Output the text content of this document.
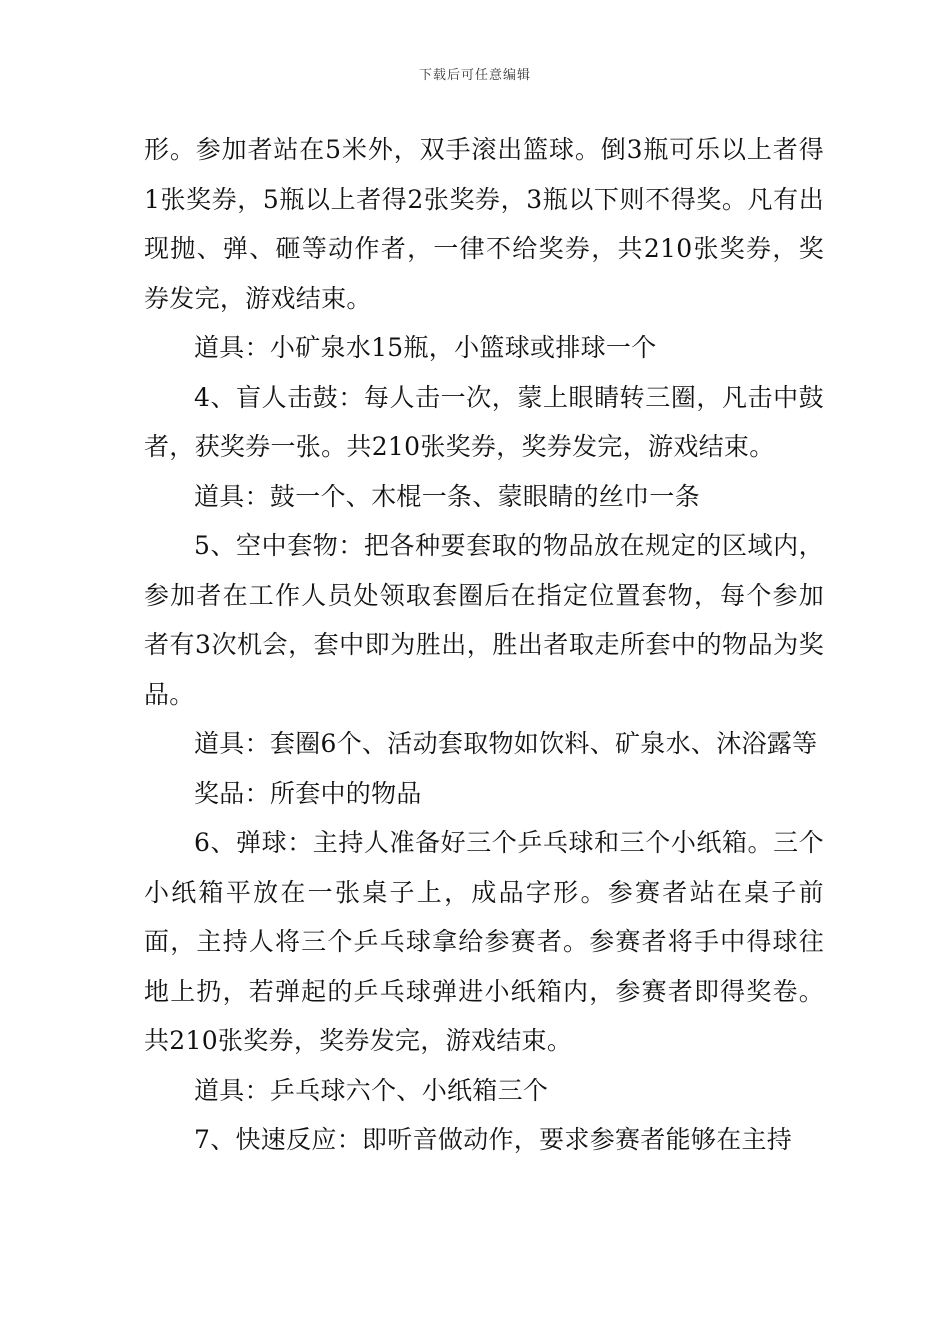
下载后可任意编辑

形。参加者站在5米外，双手滚出篮球。倒3瓶可乐以上者得1张奖券，5瓶以上者得2张奖券，3瓶以下则不得奖。凡有出现抛、弹、砸等动作者，一律不给奖券，共210张奖券，奖券发完，游戏结束。

道具：小矿泉水15瓶，小篮球或排球一个

4、盲人击鼓：每人击一次，蒙上眼睛转三圈，凡击中鼓者，获奖券一张。共210张奖券，奖券发完，游戏结束。

道具：鼓一个、木棍一条、蒙眼睛的丝巾一条

5、空中套物：把各种要套取的物品放在规定的区域内，参加者在工作人员处领取套圈后在指定位置套物，每个参加者有3次机会，套中即为胜出，胜出者取走所套中的物品为奖品。

道具：套圈6个、活动套取物如饮料、矿泉水、沐浴露等

奖品：所套中的物品

6、弹球：主持人准备好三个乒乓球和三个小纸箱。三个小纸箱平放在一张桌子上，成品字形。参赛者站在桌子前面，主持人将三个乒乓球拿给参赛者。参赛者将手中得球往地上扔，若弹起的乒乓球弹进小纸箱内，参赛者即得奖卷。共210张奖券，奖券发完，游戏结束。

道具：乒乓球六个、小纸箱三个

7、快速反应：即听音做动作，要求参赛者能够在主持
